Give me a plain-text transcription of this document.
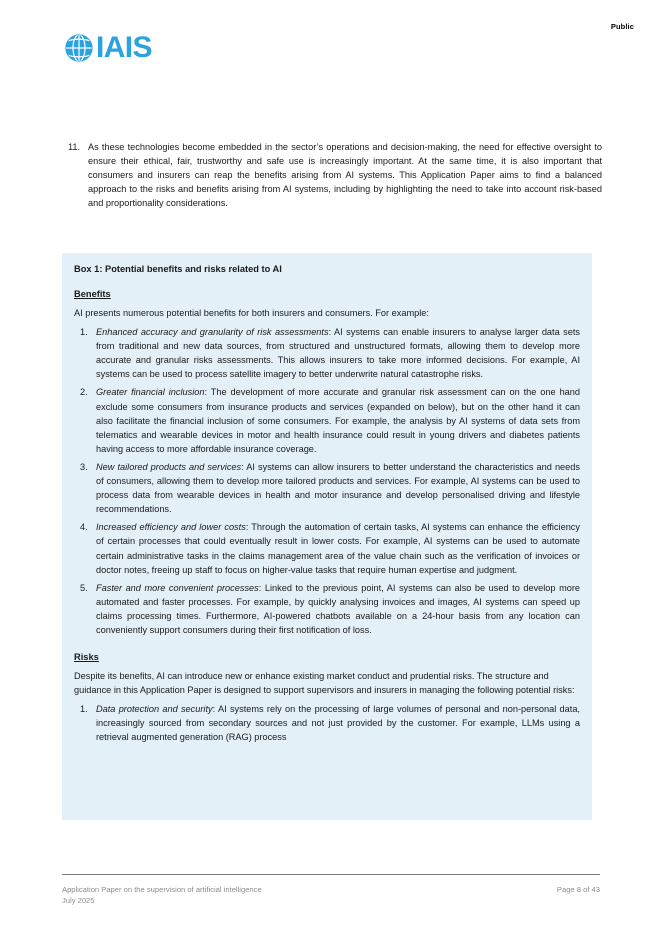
Public
IAIS
11. As these technologies become embedded in the sector’s operations and decision-making, the need for effective oversight to ensure their ethical, fair, trustworthy and safe use is increasingly important. At the same time, it is also important that consumers and insurers can reap the benefits arising from AI systems. This Application Paper aims to find a balanced approach to the risks and benefits arising from AI systems, including by highlighting the need to take into account risk-based and proportionality considerations.
Box 1: Potential benefits and risks related to AI
Benefits
AI presents numerous potential benefits for both insurers and consumers. For example:
1. Enhanced accuracy and granularity of risk assessments: AI systems can enable insurers to analyse larger data sets from traditional and new data sources, from structured and unstructured formats, allowing them to develop more accurate and granular risks assessments. This allows insurers to take more informed decisions. For example, AI systems can be used to process satellite imagery to better underwrite natural catastrophe risks.
2. Greater financial inclusion: The development of more accurate and granular risk assessment can on the one hand exclude some consumers from insurance products and services (expanded on below), but on the other hand it can also facilitate the financial inclusion of some consumers. For example, the analysis by AI systems of data sets from telematics and wearable devices in motor and health insurance could result in young drivers and diabetes patients having access to more affordable insurance coverage.
3. New tailored products and services: AI systems can allow insurers to better understand the characteristics and needs of consumers, allowing them to develop more tailored products and services. For example, AI systems can be used to process data from wearable devices in health and motor insurance and develop personalised driving and lifestyle recommendations.
4. Increased efficiency and lower costs: Through the automation of certain tasks, AI systems can enhance the efficiency of certain processes that could eventually result in lower costs. For example, AI systems can be used to automate certain administrative tasks in the claims management area of the value chain such as the verification of invoices or doctor notes, freeing up staff to focus on higher-value tasks that require human expertise and judgment.
5. Faster and more convenient processes: Linked to the previous point, AI systems can also be used to develop more automated and faster processes. For example, by quickly analysing invoices and images, AI systems can speed up claims processing times. Furthermore, AI-powered chatbots available on a 24-hour basis from any location can conveniently support consumers during their first notification of loss.
Risks
Despite its benefits, AI can introduce new or enhance existing market conduct and prudential risks. The structure and guidance in this Application Paper is designed to support supervisors and insurers in managing the following potential risks:
1. Data protection and security: AI systems rely on the processing of large volumes of personal and non-personal data, increasingly sourced from secondary sources and not just provided by the customer. For example, LLMs using a retrieval augmented generation (RAG) process
Application Paper on the supervision of artificial intelligence
July 2025
Page 8 of 43
